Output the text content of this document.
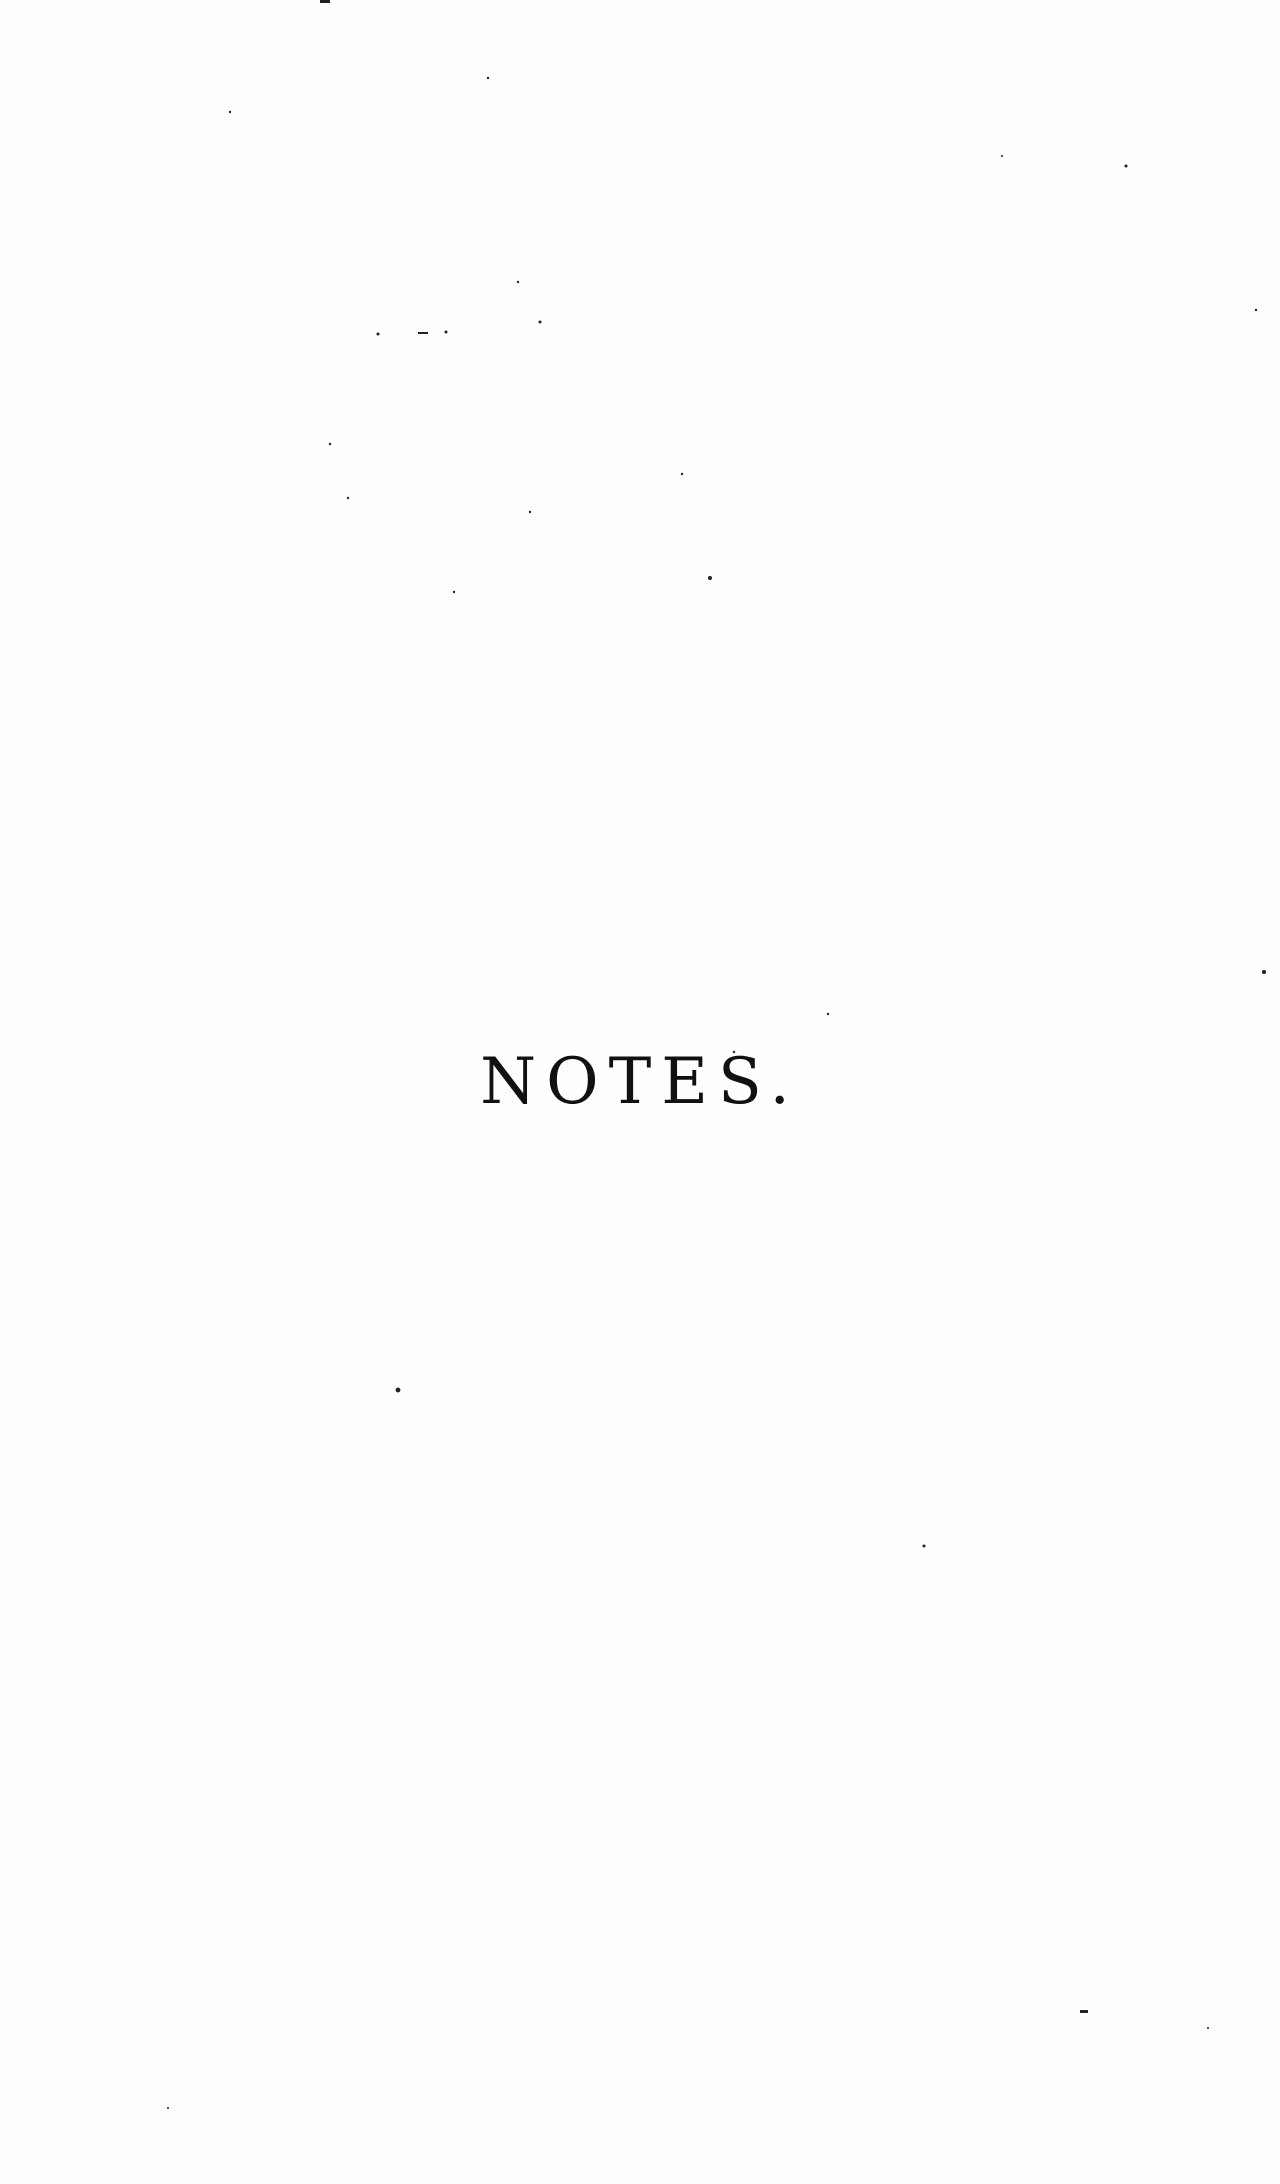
NOTES.
